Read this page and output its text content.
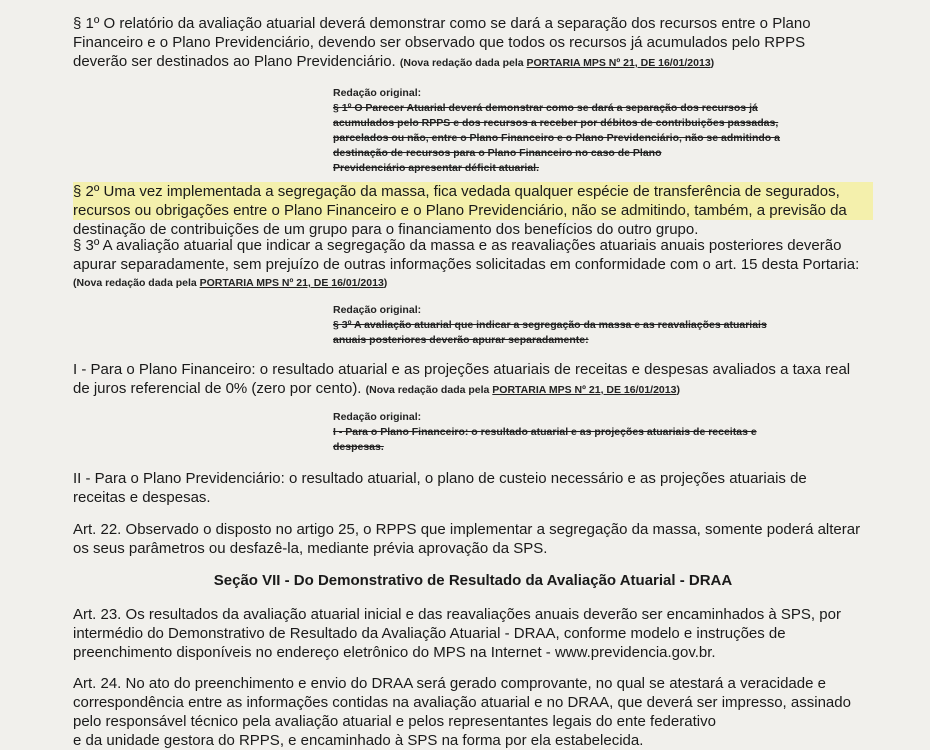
§ 1º O relatório da avaliação atuarial deverá demonstrar como se dará a separação dos recursos entre o Plano
Financeiro e o Plano Previdenciário, devendo ser observado que todos os recursos já acumulados pelo RPPS
deverão ser destinados ao Plano Previdenciário. (Nova redação dada pela PORTARIA MPS Nº 21, DE 16/01/2013)
Redação original:
§ 1º O Parecer Atuarial deverá demonstrar como se dará a separação dos recursos já
acumulados pelo RPPS e dos recursos a receber por débitos de contribuições passadas,
parcelados ou não, entre o Plano Financeiro e o Plano Previdenciário, não se admitindo a
destinação de recursos para o Plano Financeiro no caso de Plano
Previdenciário apresentar déficit atuarial.
§ 2º Uma vez implementada a segregação da massa, fica vedada qualquer espécie de transferência de segurados,
recursos ou obrigações entre o Plano Financeiro e o Plano Previdenciário, não se admitindo, também, a previsão da
destinação de contribuições de um grupo para o financiamento dos benefícios do outro grupo.
§ 3º A avaliação atuarial que indicar a segregação da massa e as reavaliações atuariais anuais posteriores deverão
apurar separadamente, sem prejuízo de outras informações solicitadas em conformidade com o art. 15 desta Portaria:
(Nova redação dada pela PORTARIA MPS Nº 21, DE 16/01/2013)
Redação original:
§ 3º A avaliação atuarial que indicar a segregação da massa e as reavaliações atuariais
anuais posteriores deverão apurar separadamente:
I - Para o Plano Financeiro: o resultado atuarial e as projeções atuariais de receitas e despesas avaliados a taxa real
de juros referencial de 0% (zero por cento). (Nova redação dada pela PORTARIA MPS Nº 21, DE 16/01/2013)
Redação original:
I - Para o Plano Financeiro: o resultado atuarial e as projeções atuariais de receitas e
despesas.
II - Para o Plano Previdenciário: o resultado atuarial, o plano de custeio necessário e as projeções atuariais de
receitas e despesas.
Art. 22. Observado o disposto no artigo 25, o RPPS que implementar a segregação da massa, somente poderá alterar
os seus parâmetros ou desfazê-la, mediante prévia aprovação da SPS.
Seção VII - Do Demonstrativo de Resultado da Avaliação Atuarial - DRAA
Art. 23. Os resultados da avaliação atuarial inicial e das reavaliações anuais deverão ser encaminhados à SPS, por
intermédio do Demonstrativo de Resultado da Avaliação Atuarial - DRAA, conforme modelo e instruções de
preenchimento disponíveis no endereço eletrônico do MPS na Internet - www.previdencia.gov.br.
Art. 24. No ato do preenchimento e envio do DRAA será gerado comprovante, no qual se atestará a veracidade e
correspondência entre as informações contidas na avaliação atuarial e no DRAA, que deverá ser impresso, assinado
pelo responsável técnico pela avaliação atuarial e pelos representantes legais do ente federativo
e da unidade gestora do RPPS, e encaminhado à SPS na forma por ela estabelecida.
